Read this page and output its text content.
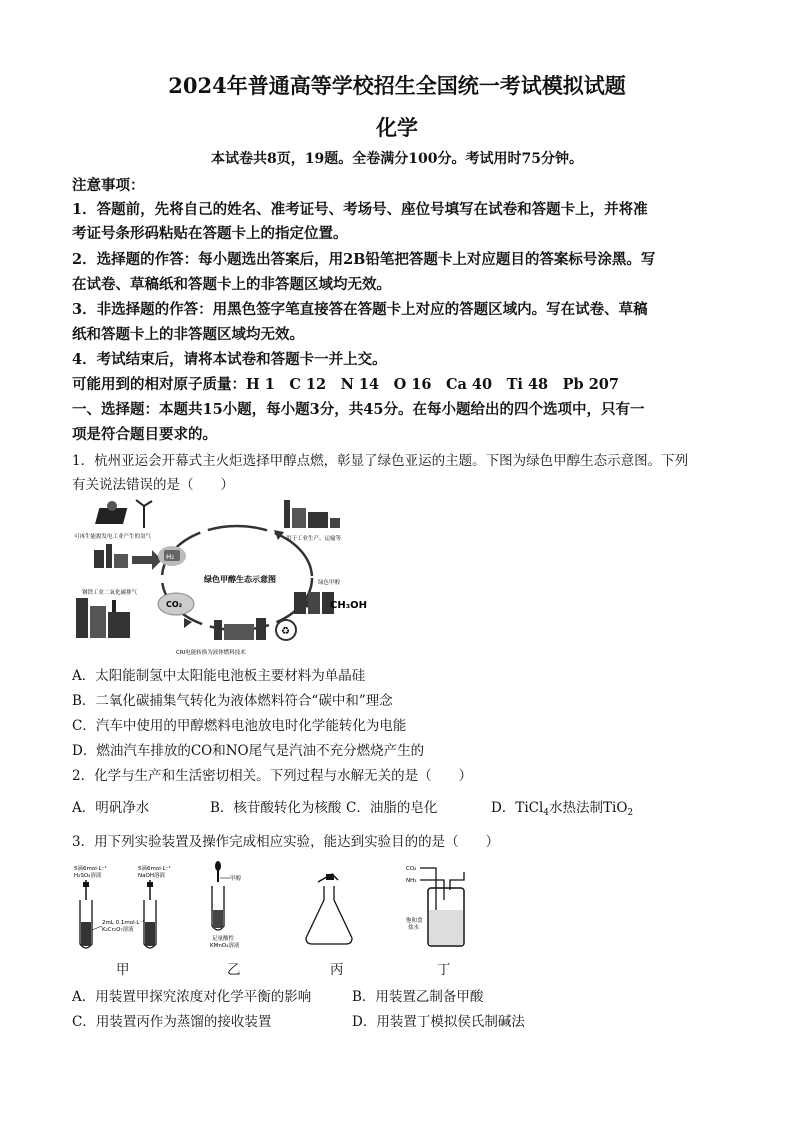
2024年普通高等学校招生全国统一考试模拟试题
化学
本试卷共8页，19题。全卷满分100分。考试用时75分钟。
注意事项：
1．答题前，先将自己的姓名、准考证号、考场号、座位号填写在试卷和答题卡上，并将准
考证号条形码粘贴在答题卡上的指定位置。
2．选择题的作答：每小题选出答案后，用2B铅笔把答题卡上对应题目的答案标号涂黑。写
在试卷、草稿纸和答题卡上的非答题区域均无效。
3．非选择题的作答：用黑色签字笔直接答在答题卡上对应的答题区域内。写在试卷、草稿
纸和答题卡上的非答题区域均无效。
4．考试结束后，请将本试卷和答题卡一并上交。
可能用到的相对原子质量：H 1　C 12　N 14　O 16　Ca 40　Ti 48　Pb 207
一、选择题：本题共15小题，每小题3分，共45分。在每小题给出的四个选项中，只有一
项是符合题目要求的。
1．杭州亚运会开幕式主火炬选择甲醇点燃，彰显了绿色亚运的主题。下图为绿色甲醇生态示意图。下列
有关说法错误的是（　　）
可再生能源发电工业产生的氢气
H₂
钢铁工业二氧化碳排气
CO₂
绿色甲醇生态示意图
用于工业生产、运输等
绿色甲醇
CH₃OH
♻
CRI电能转换为液体燃料技术
A．太阳能制氢中太阳能电池板主要材料为单晶硅
B．二氧化碳捕集气转化为液体燃料符合“碳中和”理念
C．汽车中使用的甲醇燃料电池放电时化学能转化为电能
D．燃油汽车排放的CO和NO尾气是汽油不充分燃烧产生的
2．化学与生产和生活密切相关。下列过程与水解无关的是（　　）
A．明矾净水	B．核苷酸转化为核酸 C．油脂的皂化	D．TiCl$_4$水热法制TiO$_2$
3．用下列实验装置及操作完成相应实验，能达到实验目的的是（　　）
5滴6mol·L⁻¹
H₂SO₄溶液
5滴6mol·L⁻¹
NaOH溶液
2mL 0.1mol·L⁻¹
K₂Cr₂O₇溶液
甲醇
足量酸性
KMnO₄溶液
CO₂
NH₃
饱和食
盐水
甲	乙	丙	丁
A．用装置甲探究浓度对化学平衡的影响	B．用装置乙制备甲酸
C．用装置丙作为蒸馏的接收装置	D．用装置丁模拟侯氏制碱法
